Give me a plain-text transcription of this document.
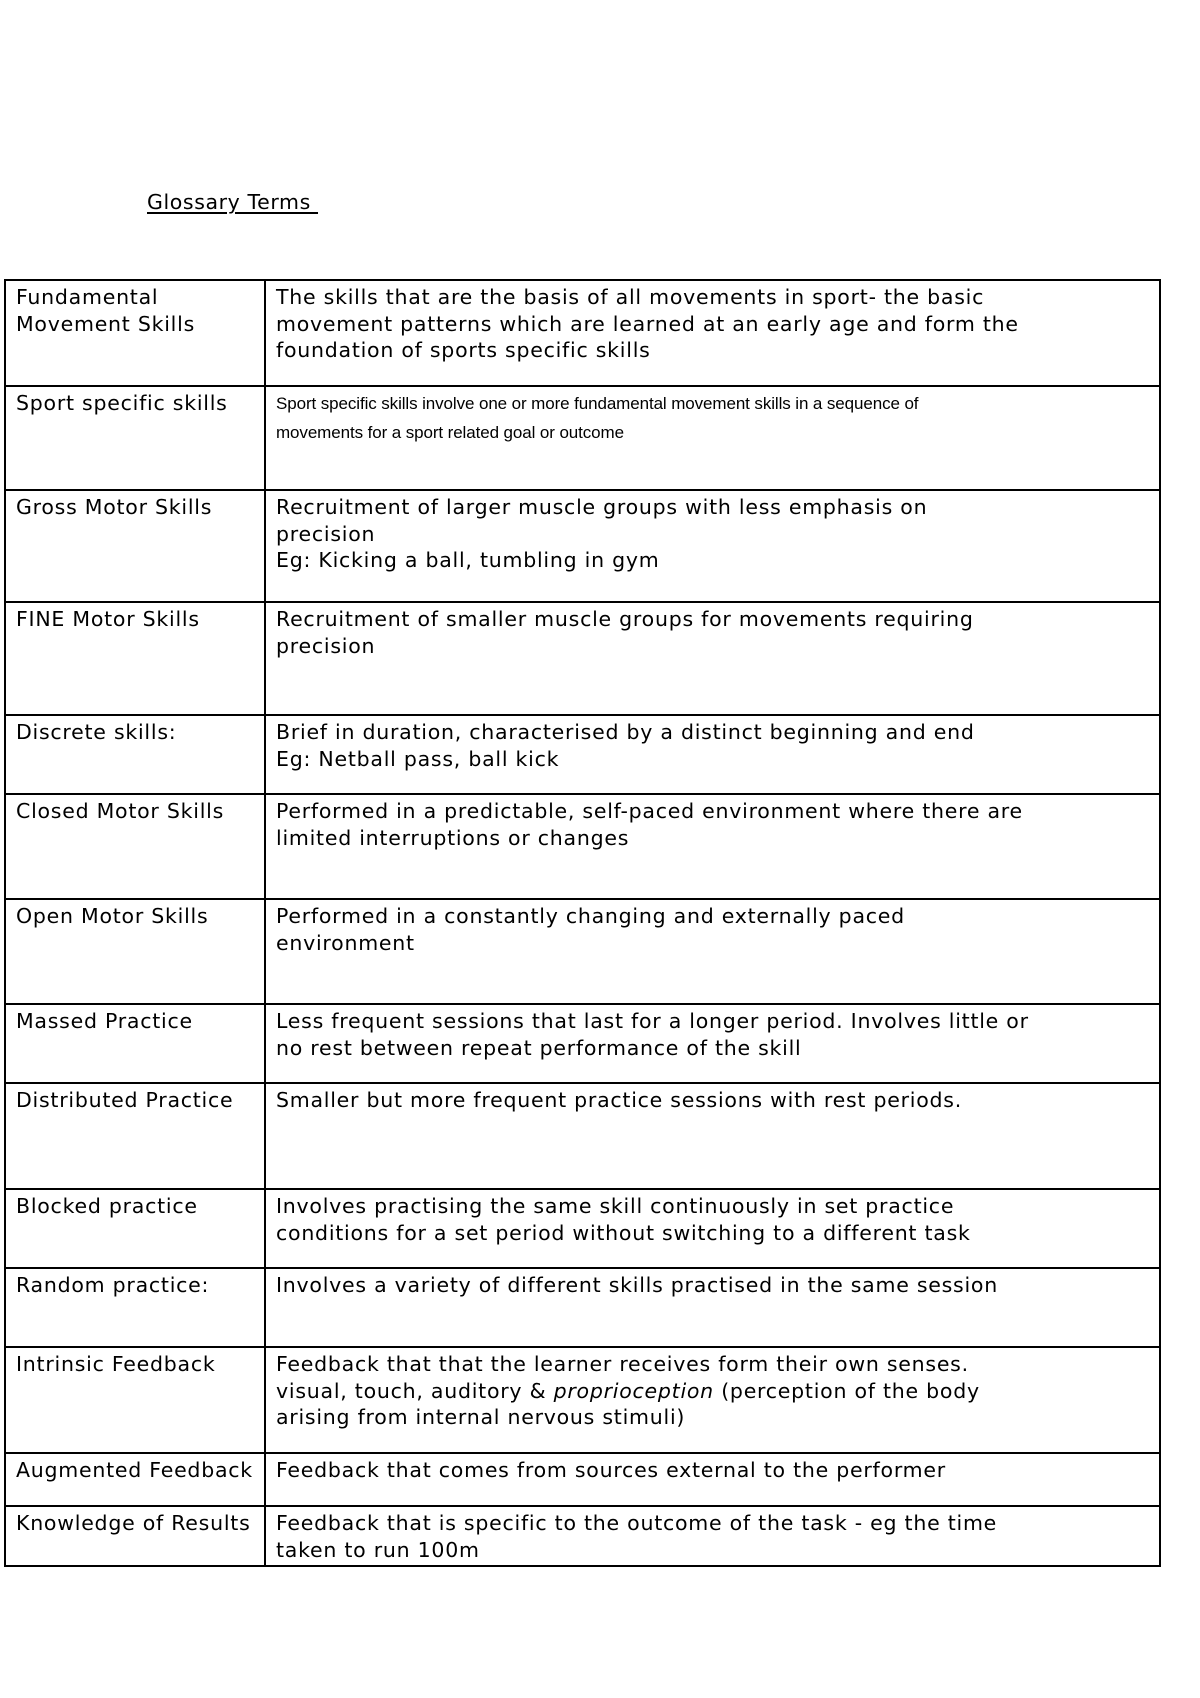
Glossary Terms
Fundamental Movement Skills	The skills that are the basis of all movements in sport- the basic
movement patterns which are learned at an early age and form the
foundation of sports specific skills

Sport specific skills	Sport specific skills involve one or more fundamental movement skills in a sequence of
movements for a sport related goal or outcome

Gross Motor Skills	Recruitment of larger muscle groups with less emphasis on
precision
Eg: Kicking a ball, tumbling in gym

FINE Motor Skills	Recruitment of smaller muscle groups for movements requiring
precision

Discrete skills:	Brief in duration, characterised by a distinct beginning and end
Eg: Netball pass, ball kick

Closed Motor Skills	Performed in a predictable, self-paced environment where there are
limited interruptions or changes

Open Motor Skills	Performed in a constantly changing and externally paced
environment

Massed Practice	Less frequent sessions that last for a longer period. Involves little or
no rest between repeat performance of the skill

Distributed Practice	Smaller but more frequent practice sessions with rest periods.

Blocked practice	Involves practising the same skill continuously in set practice
conditions for a set period without switching to a different task

Random practice:	Involves a variety of different skills practised in the same session

Intrinsic Feedback	Feedback that that the learner receives form their own senses.
visual, touch, auditory & proprioception (perception of the body
arising from internal nervous stimuli)

Augmented Feedback	Feedback that comes from sources external to the performer

Knowledge of Results	Feedback that is specific to the outcome of the task - eg the time
taken to run 100m
